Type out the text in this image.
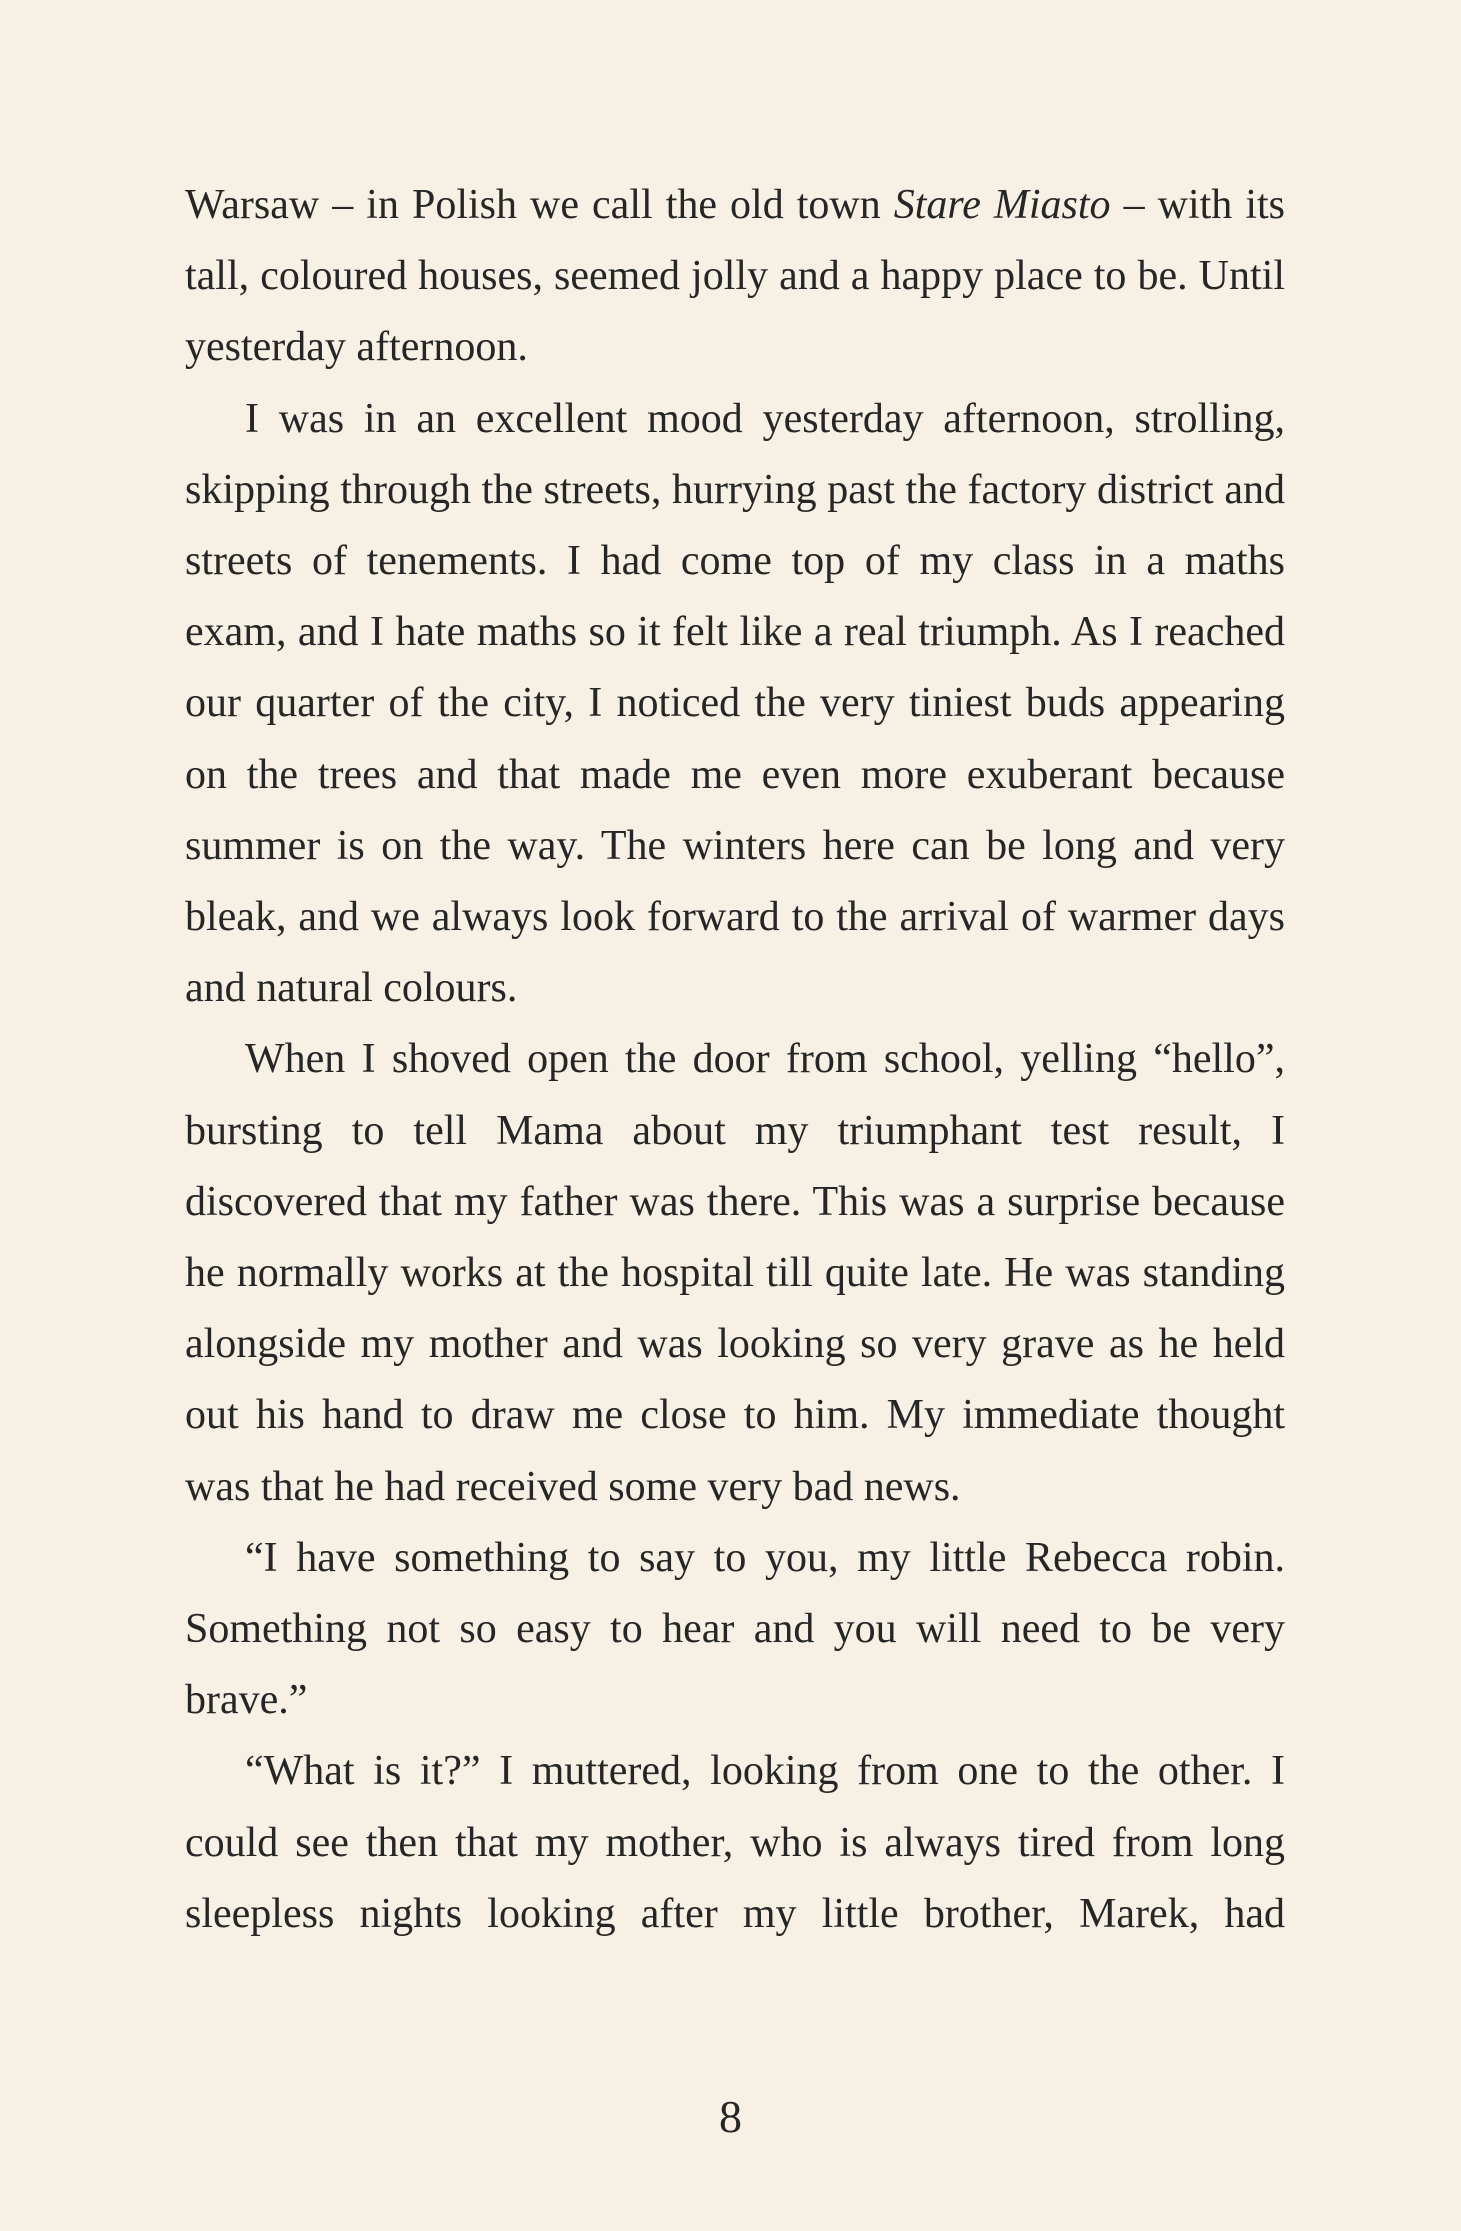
Warsaw – in Polish we call the old town Stare Miasto – with its tall, coloured houses, seemed jolly and a happy place to be. Until yesterday afternoon.

I was in an excellent mood yesterday afternoon, strolling, skipping through the streets, hurrying past the factory district and streets of tenements. I had come top of my class in a maths exam, and I hate maths so it felt like a real triumph. As I reached our quarter of the city, I noticed the very tiniest buds appearing on the trees and that made me even more exuberant because summer is on the way. The winters here can be long and very bleak, and we always look forward to the arrival of warmer days and natural colours.

When I shoved open the door from school, yelling “hello”, bursting to tell Mama about my triumphant test result, I discovered that my father was there. This was a surprise because he normally works at the hospital till quite late. He was standing alongside my mother and was looking so very grave as he held out his hand to draw me close to him. My immediate thought was that he had received some very bad news.

“I have something to say to you, my little Rebecca robin. Something not so easy to hear and you will need to be very brave.”

“What is it?” I muttered, looking from one to the other. I could see then that my mother, who is always tired from long sleepless nights looking after my little brother, Marek, had

8
